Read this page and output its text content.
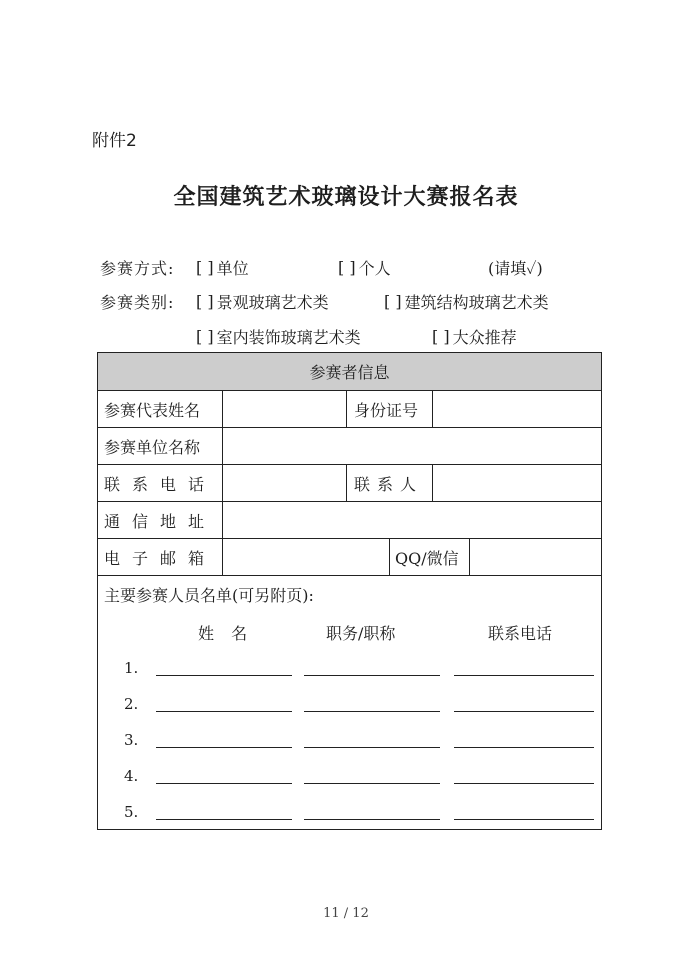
附件2
全国建筑艺术玻璃设计大赛报名表
参赛方式: [ ] 单位	[ ] 个人	(请填✓)
参赛类别: [ ] 景观玻璃艺术类	[ ] 建筑结构玻璃艺术类
[ ] 室内装饰玻璃艺术类	[ ] 大众推荐
参赛者信息
参赛代表姓名	身份证号
参赛单位名称
联系电话	联系人
通信地址
电子邮箱	QQ/微信
主要参赛人员名单(可另附页):
姓 名	职务/职称	联系电话
1.
2.
3.
4.
5.
11 / 12
